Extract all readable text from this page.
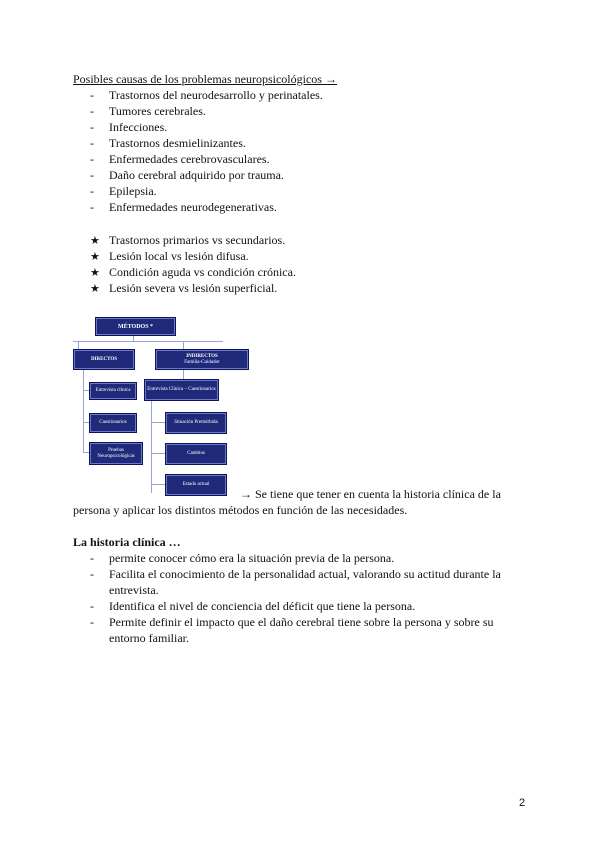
Posibles causas de los problemas neuropsicológicos →
-	Trastornos del neurodesarrollo y perinatales.
-	Tumores cerebrales.
-	Infecciones.
-	Trastornos desmielinizantes.
-	Enfermedades cerebrovasculares.
-	Daño cerebral adquirido por trauma.
-	Epilepsia.
-	Enfermedades neurodegenerativas.
★ Trastornos primarios vs secundarios.
★ Lesión local vs lesión difusa.
★ Condición aguda vs condición crónica.
★ Lesión severa vs lesión superficial.
MÉTODOS *
DIRECTOS
INDIRECTOS
Familia-Cuidador
Entrevista clínica
Cuestionarios
Pruebas Neuropsicológicas
Entrevista Clínica – Cuestionarios
Situación Premórbida
Cambios
Estado actual
→ Se tiene que tener en cuenta la historia clínica de la
persona y aplicar los distintos métodos en función de las necesidades.
La historia clínica …
-	permite conocer cómo era la situación previa de la persona.
-	Facilita el conocimiento de la personalidad actual, valorando su actitud durante la entrevista.
-	Identifica el nivel de conciencia del déficit que tiene la persona.
-	Permite definir el impacto que el daño cerebral tiene sobre la persona y sobre su entorno familiar.
2
